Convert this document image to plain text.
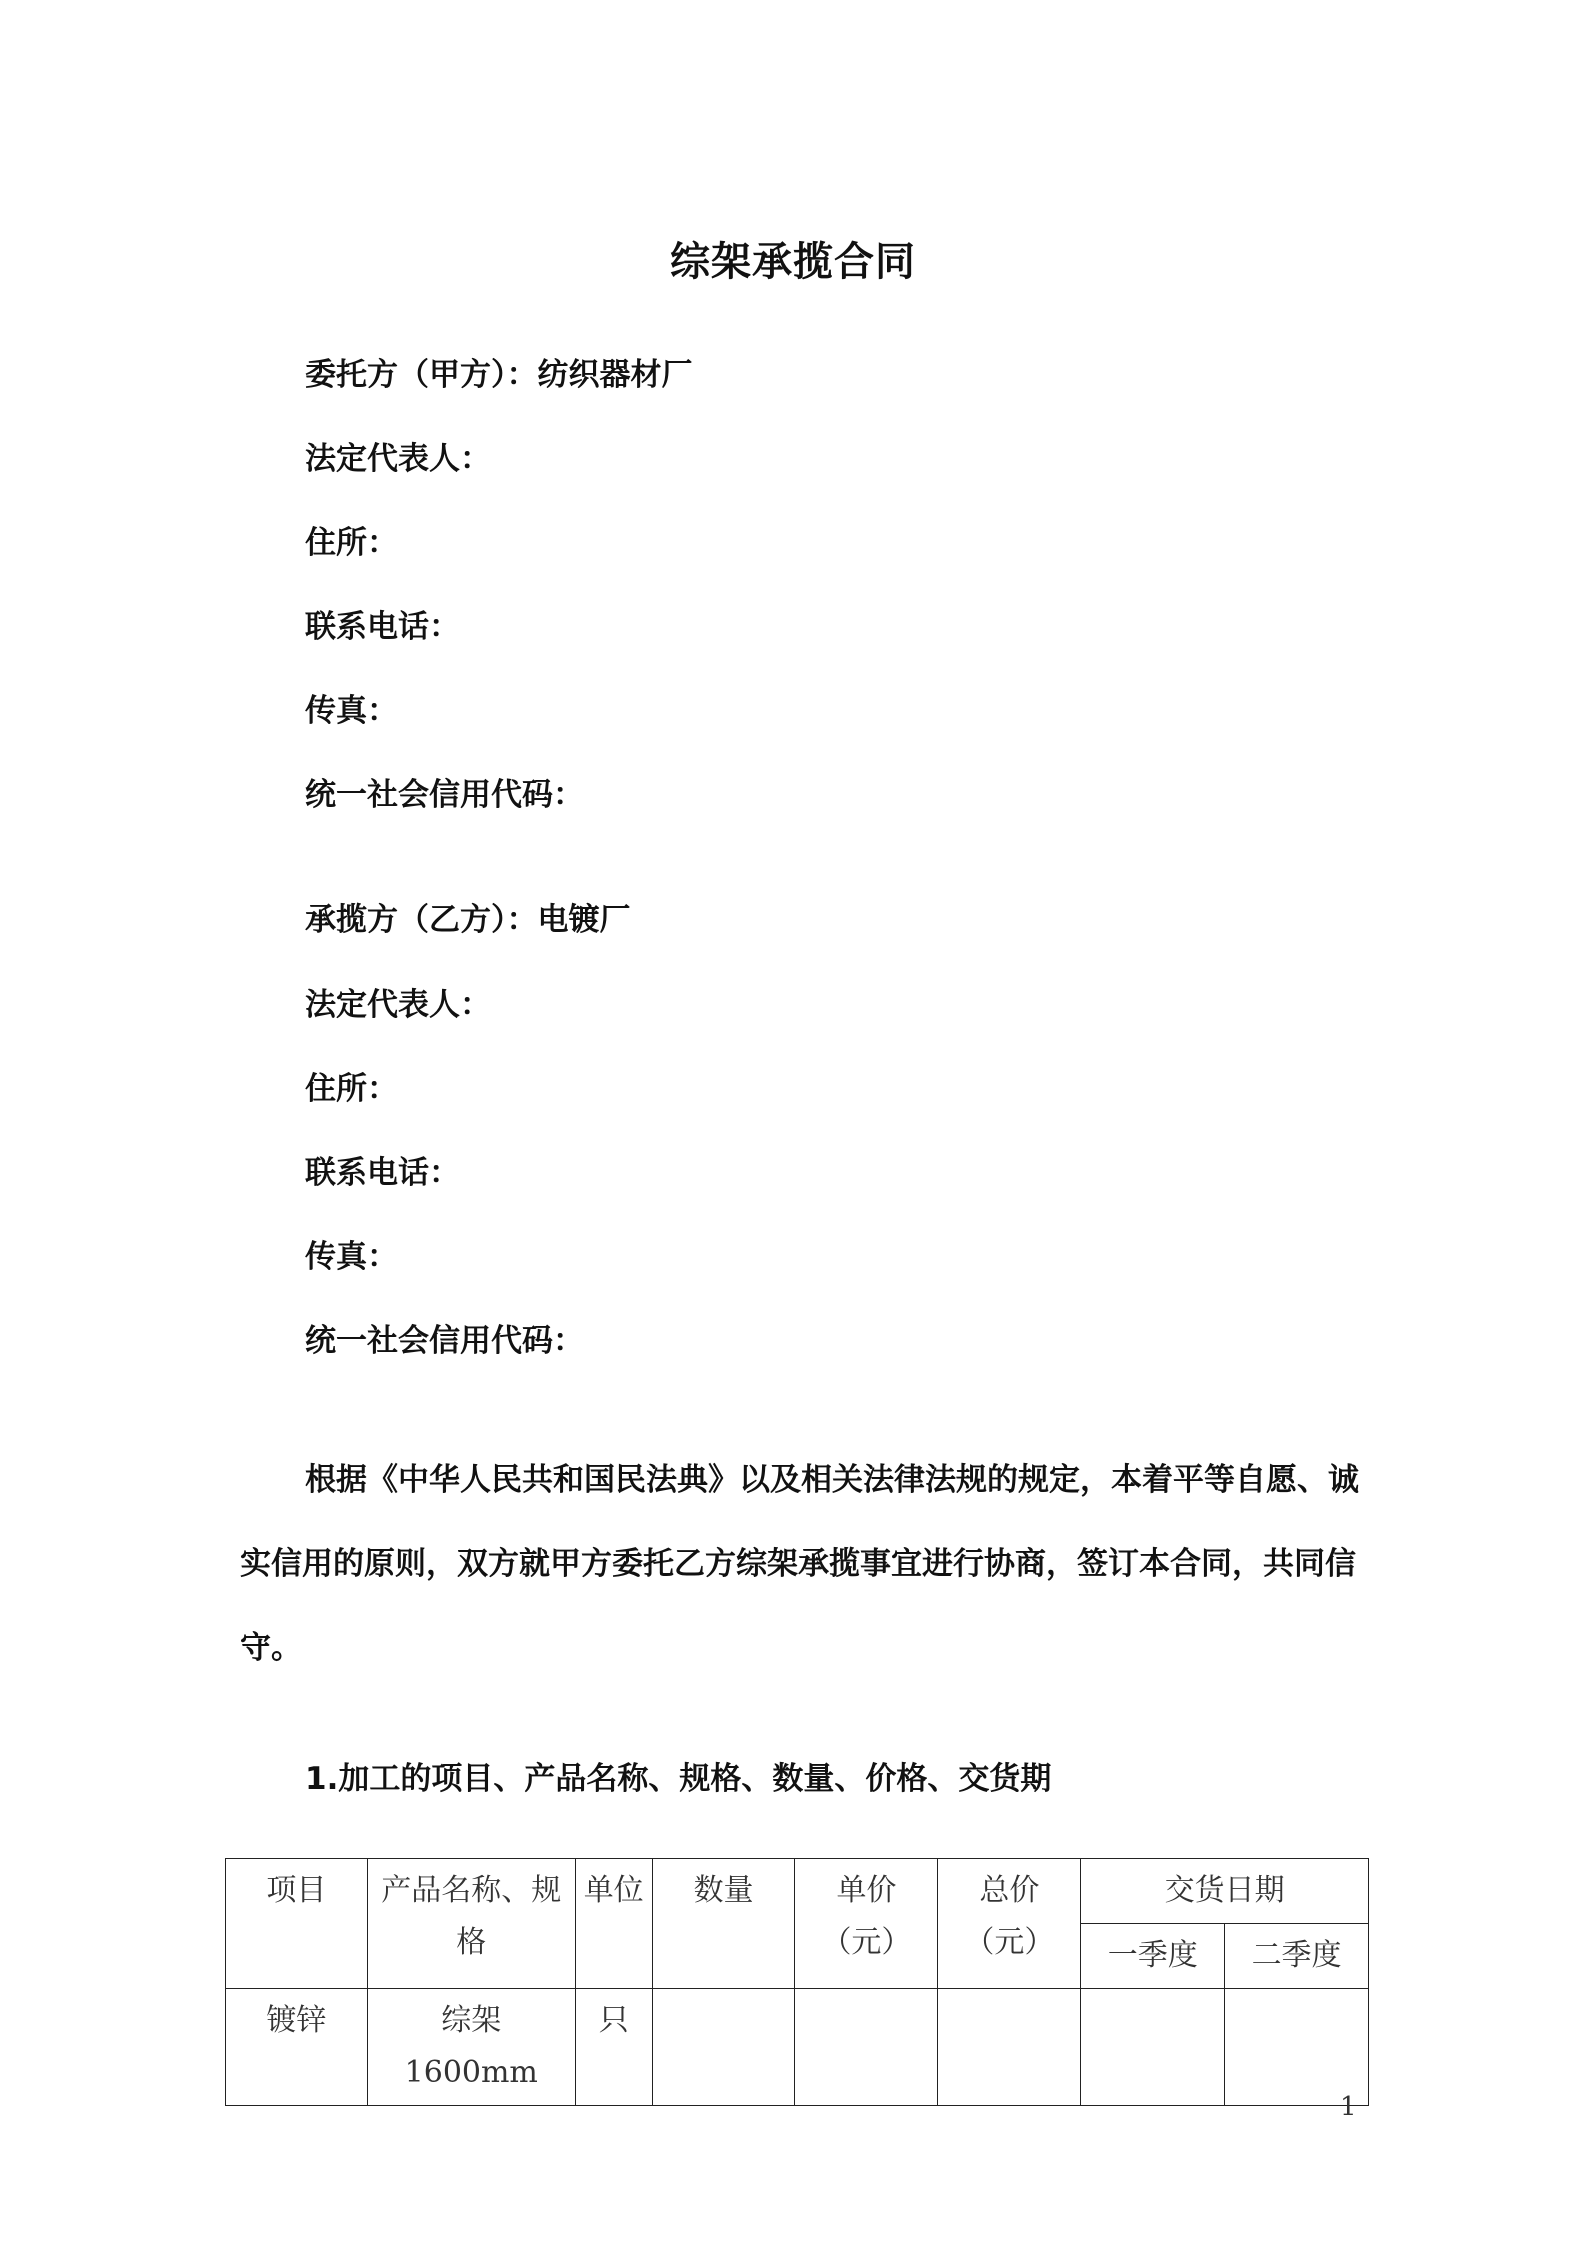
综架承揽合同
委托方（甲方）：纺织器材厂
法定代表人：
住所：
联系电话：
传真：
统一社会信用代码：
承揽方（乙方）：电镀厂
法定代表人：
住所：
联系电话：
传真：
统一社会信用代码：
根据《中华人民共和国民法典》以及相关法律法规的规定，本着平等自愿、诚实信用的原则，双方就甲方委托乙方综架承揽事宜进行协商，签订本合同，共同信守。
1.加工的项目、产品名称、规格、数量、价格、交货期
项目	产品名称、规格	单位	数量	单价（元）	总价（元）	交货日期	
						一季度	二季度
镀锌	综架 1600mm	只					
1
